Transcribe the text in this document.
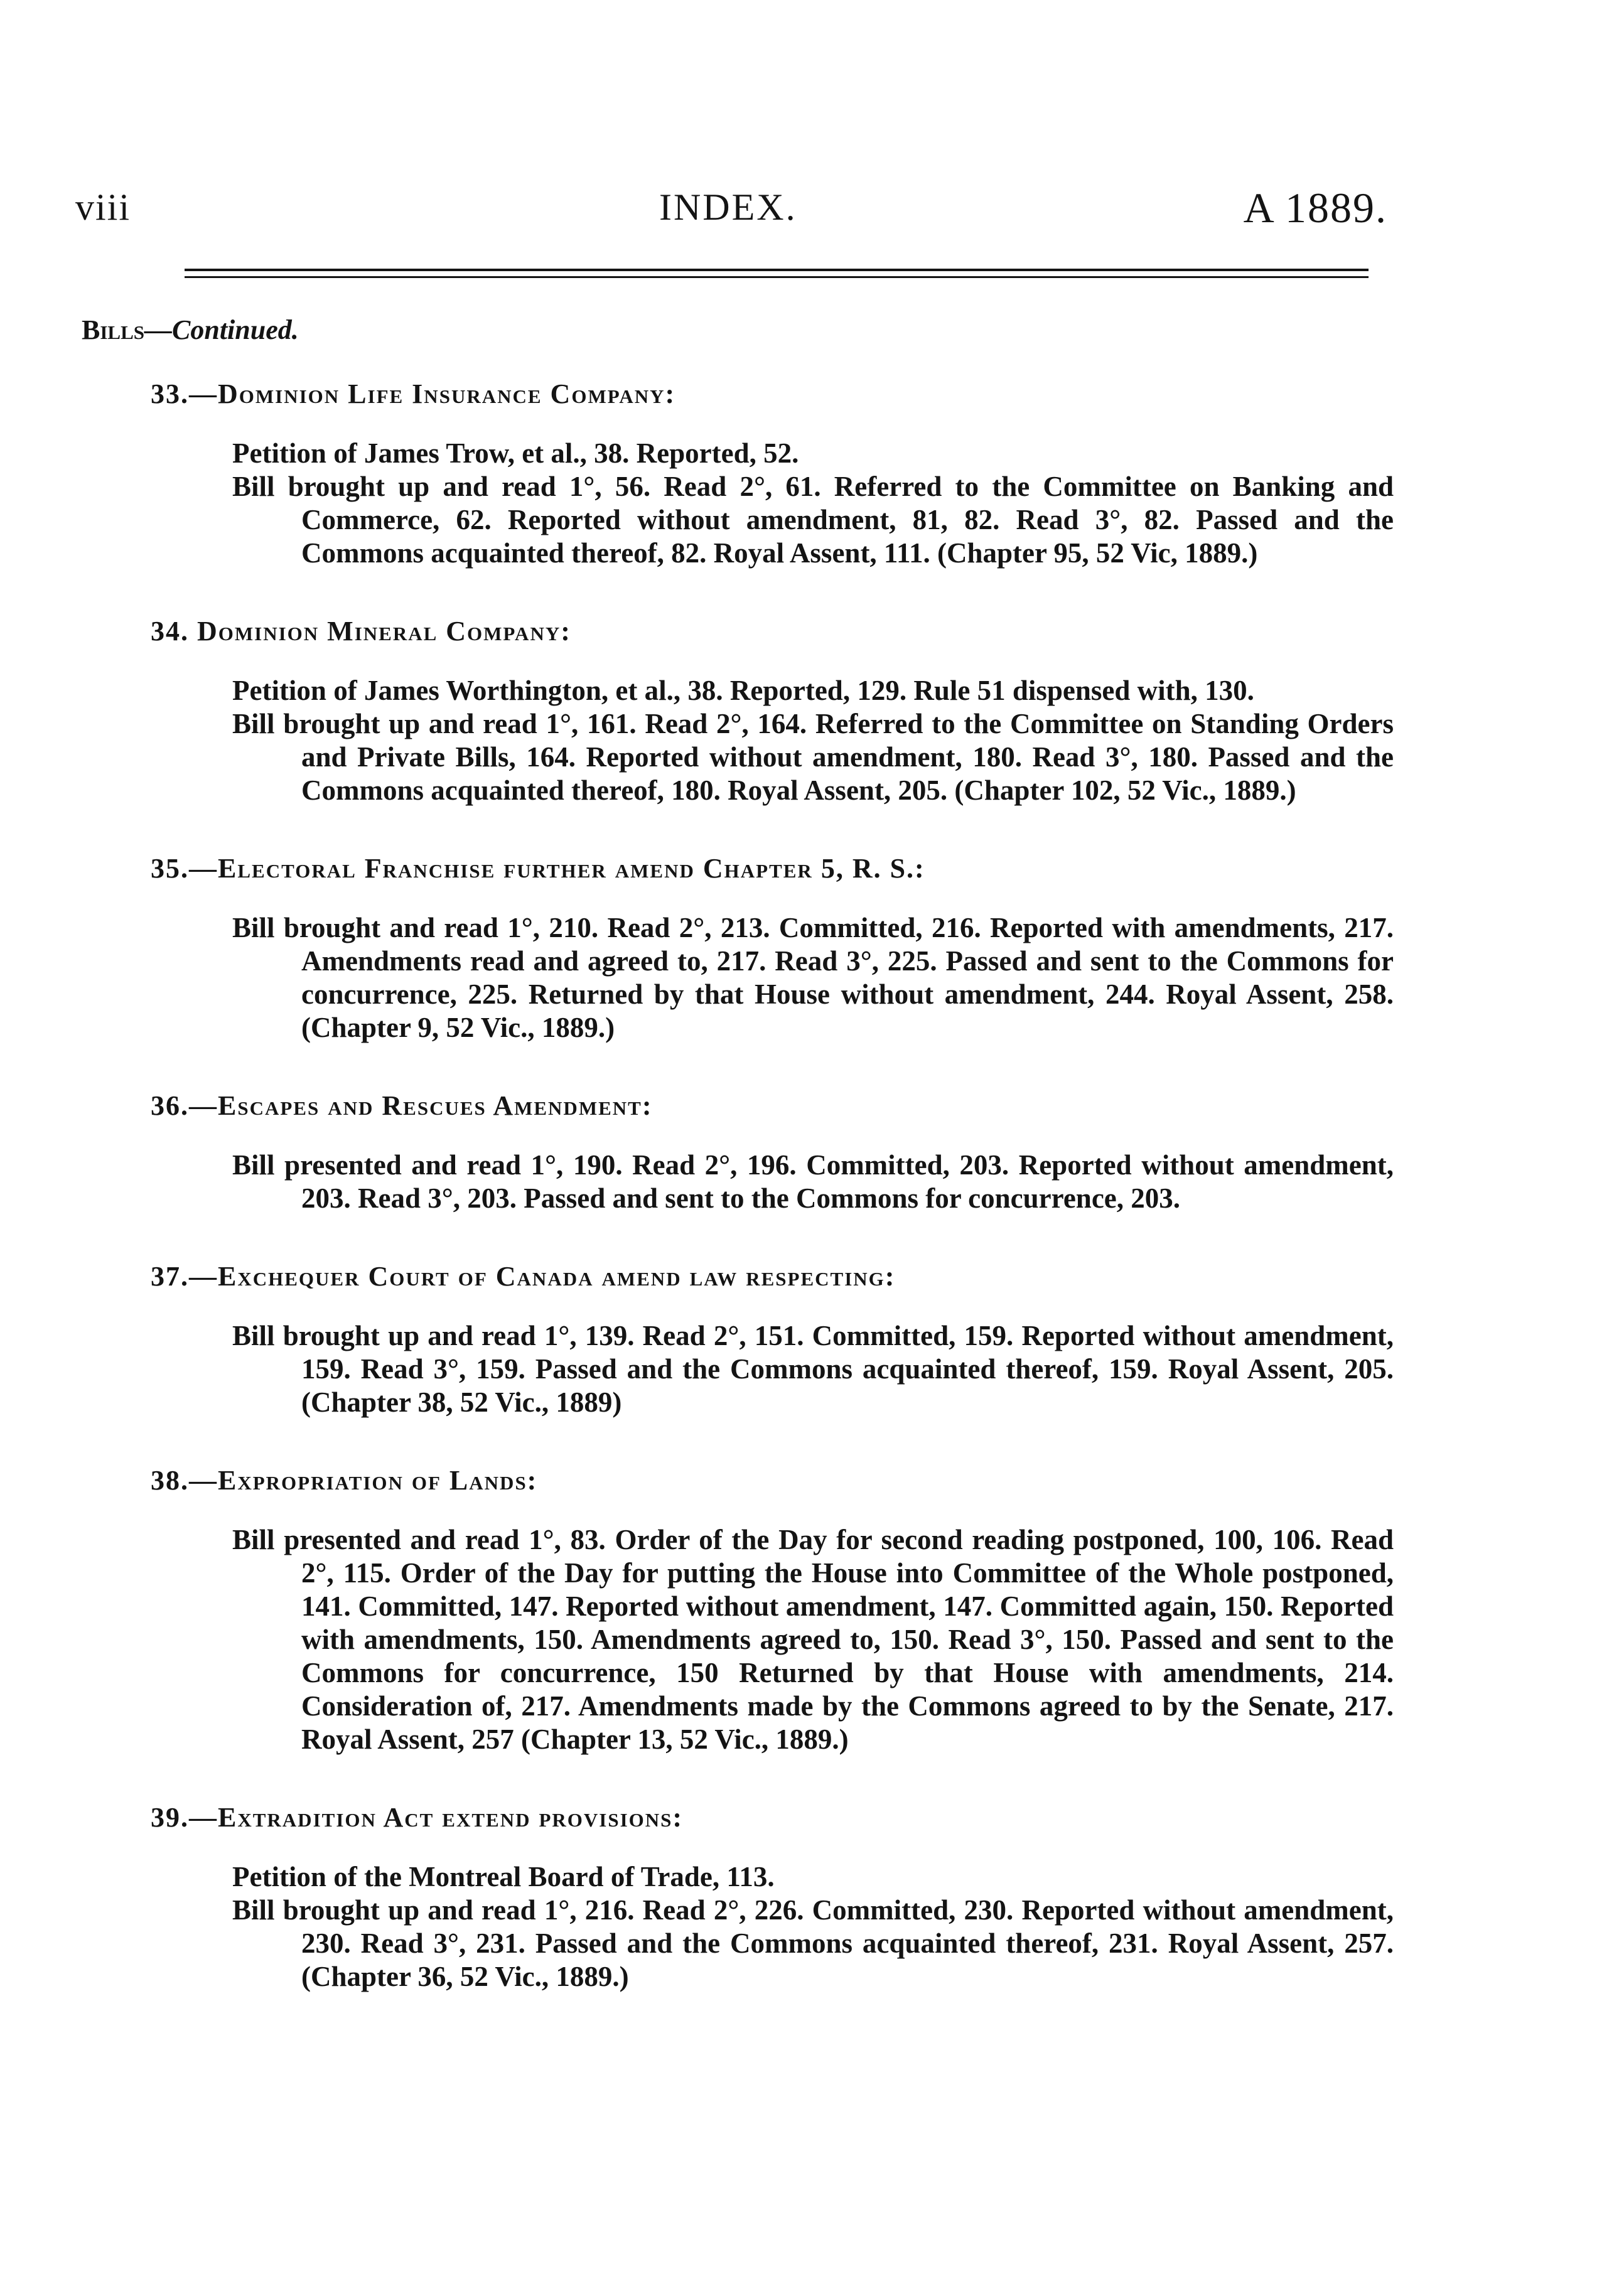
viii	INDEX.	A 1889.
Bills—Continued.
33.—Dominion Life Insurance Company:
Petition of James Trow, et al., 38. Reported, 52.
Bill brought up and read 1°, 56. Read 2°, 61. Referred to the Committee on Banking and Commerce, 62. Reported without amendment, 81, 82. Read 3°, 82. Passed and the Commons acquainted thereof, 82. Royal Assent, 111. (Chapter 95, 52 Vic, 1889.)
34. Dominion Mineral Company:
Petition of James Worthington, et al., 38. Reported, 129. Rule 51 dispensed with, 130.
Bill brought up and read 1°, 161. Read 2°, 164. Referred to the Committee on Standing Orders and Private Bills, 164. Reported without amendment, 180. Read 3°, 180. Passed and the Commons acquainted thereof, 180. Royal Assent, 205. (Chapter 102, 52 Vic., 1889.)
35.—Electoral Franchise further amend Chapter 5, R. S.:
Bill brought and read 1°, 210. Read 2°, 213. Committed, 216. Reported with amendments, 217. Amendments read and agreed to, 217. Read 3°, 225. Passed and sent to the Commons for concurrence, 225. Returned by that House without amendment, 244. Royal Assent, 258. (Chapter 9, 52 Vic., 1889.)
36.—Escapes and Rescues Amendment:
Bill presented and read 1°, 190. Read 2°, 196. Committed, 203. Reported without amendment, 203. Read 3°, 203. Passed and sent to the Commons for concurrence, 203.
37.—Exchequer Court of Canada amend law respecting:
Bill brought up and read 1°, 139. Read 2°, 151. Committed, 159. Reported without amendment, 159. Read 3°, 159. Passed and the Commons acquainted thereof, 159. Royal Assent, 205. (Chapter 38, 52 Vic., 1889)
38.—Expropriation of Lands:
Bill presented and read 1°, 83. Order of the Day for second reading postponed, 100, 106. Read 2°, 115. Order of the Day for putting the House into Committee of the Whole postponed, 141. Committed, 147. Reported without amendment, 147. Committed again, 150. Reported with amendments, 150. Amendments agreed to, 150. Read 3°, 150. Passed and sent to the Commons for concurrence, 150 Returned by that House with amendments, 214. Consideration of, 217. Amendments made by the Commons agreed to by the Senate, 217. Royal Assent, 257 (Chapter 13, 52 Vic., 1889.)
39.—Extradition Act extend provisions:
Petition of the Montreal Board of Trade, 113.
Bill brought up and read 1°, 216. Read 2°, 226. Committed, 230. Reported without amendment, 230. Read 3°, 231. Passed and the Commons acquainted thereof, 231. Royal Assent, 257. (Chapter 36, 52 Vic., 1889.)
